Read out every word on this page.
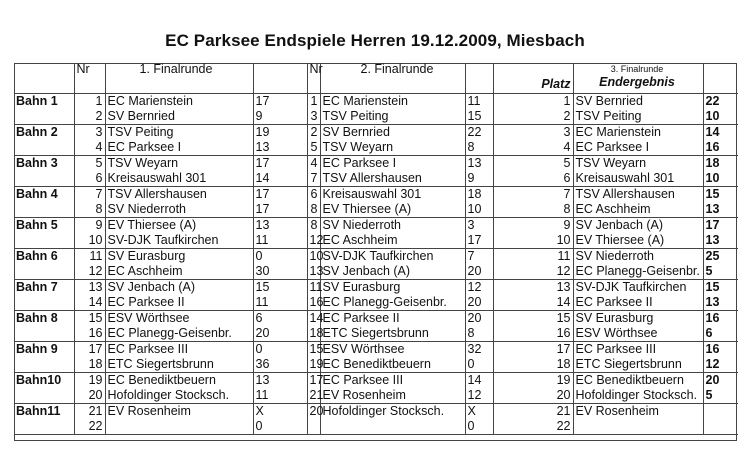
EC Parksee Endspiele Herren 19.12.2009, Miesbach
	Nr	1. Finalrunde		Nr	2. Finalrunde		Platz	3. Finalrunde
Endergebnis	

Bahn 1	1	EC Marienstein	17	1	EC Marienstein	11	1	SV Bernried	22
	2	SV Bernried	9	3	TSV Peiting	15	2	TSV Peiting	10
Bahn 2	3	TSV Peiting	19	2	SV Bernried	22	3	EC Marienstein	14
	4	EC Parksee I	13	5	TSV Weyarn	8	4	EC Parksee I	16
Bahn 3	5	TSV Weyarn	17	4	EC Parksee I	13	5	TSV Weyarn	18
	6	Kreisauswahl 301	14	7	TSV Allershausen	9	6	Kreisauswahl 301	10
Bahn 4	7	TSV Allershausen	17	6	Kreisauswahl 301	18	7	TSV Allershausen	15
	8	SV Niederroth	17	8	EV Thiersee (A)	10	8	EC Aschheim	13
Bahn 5	9	EV Thiersee (A)	13	8	SV Niederroth	3	9	SV Jenbach (A)	17
	10	SV-DJK Taufkirchen	11	12	EC Aschheim	17	10	EV Thiersee (A)	13
Bahn 6	11	SV Eurasburg	0	10	SV-DJK Taufkirchen	7	11	SV Niederroth	25
	12	EC Aschheim	30	13	SV Jenbach (A)	20	12	EC Planegg-Geisenbr.	5
Bahn 7	13	SV Jenbach (A)	15	11	SV Eurasburg	12	13	SV-DJK Taufkirchen	15
	14	EC Parksee II	11	16	EC Planegg-Geisenbr.	20	14	EC Parksee II	13
Bahn 8	15	ESV Wörthsee	6	14	EC Parksee II	20	15	SV Eurasburg	16
	16	EC Planegg-Geisenbr.	20	18	ETC Siegertsbrunn	8	16	ESV Wörthsee	6
Bahn 9	17	EC Parksee III	0	15	ESV Wörthsee	32	17	EC Parksee III	16
	18	ETC Siegertsbrunn	36	19	EC Benediktbeuern	0	18	ETC Siegertsbrunn	12
Bahn10	19	EC Benediktbeuern	13	17	EC Parksee III	14	19	EC Benediktbeuern	20
	20	Hofoldinger Stocksch.	11	21	EV Rosenheim	12	20	Hofoldinger Stocksch.	5
Bahn11	21	EV Rosenheim	X	20	Hofoldinger Stocksch.	X	21	EV Rosenheim	
	22		0			0	22		
